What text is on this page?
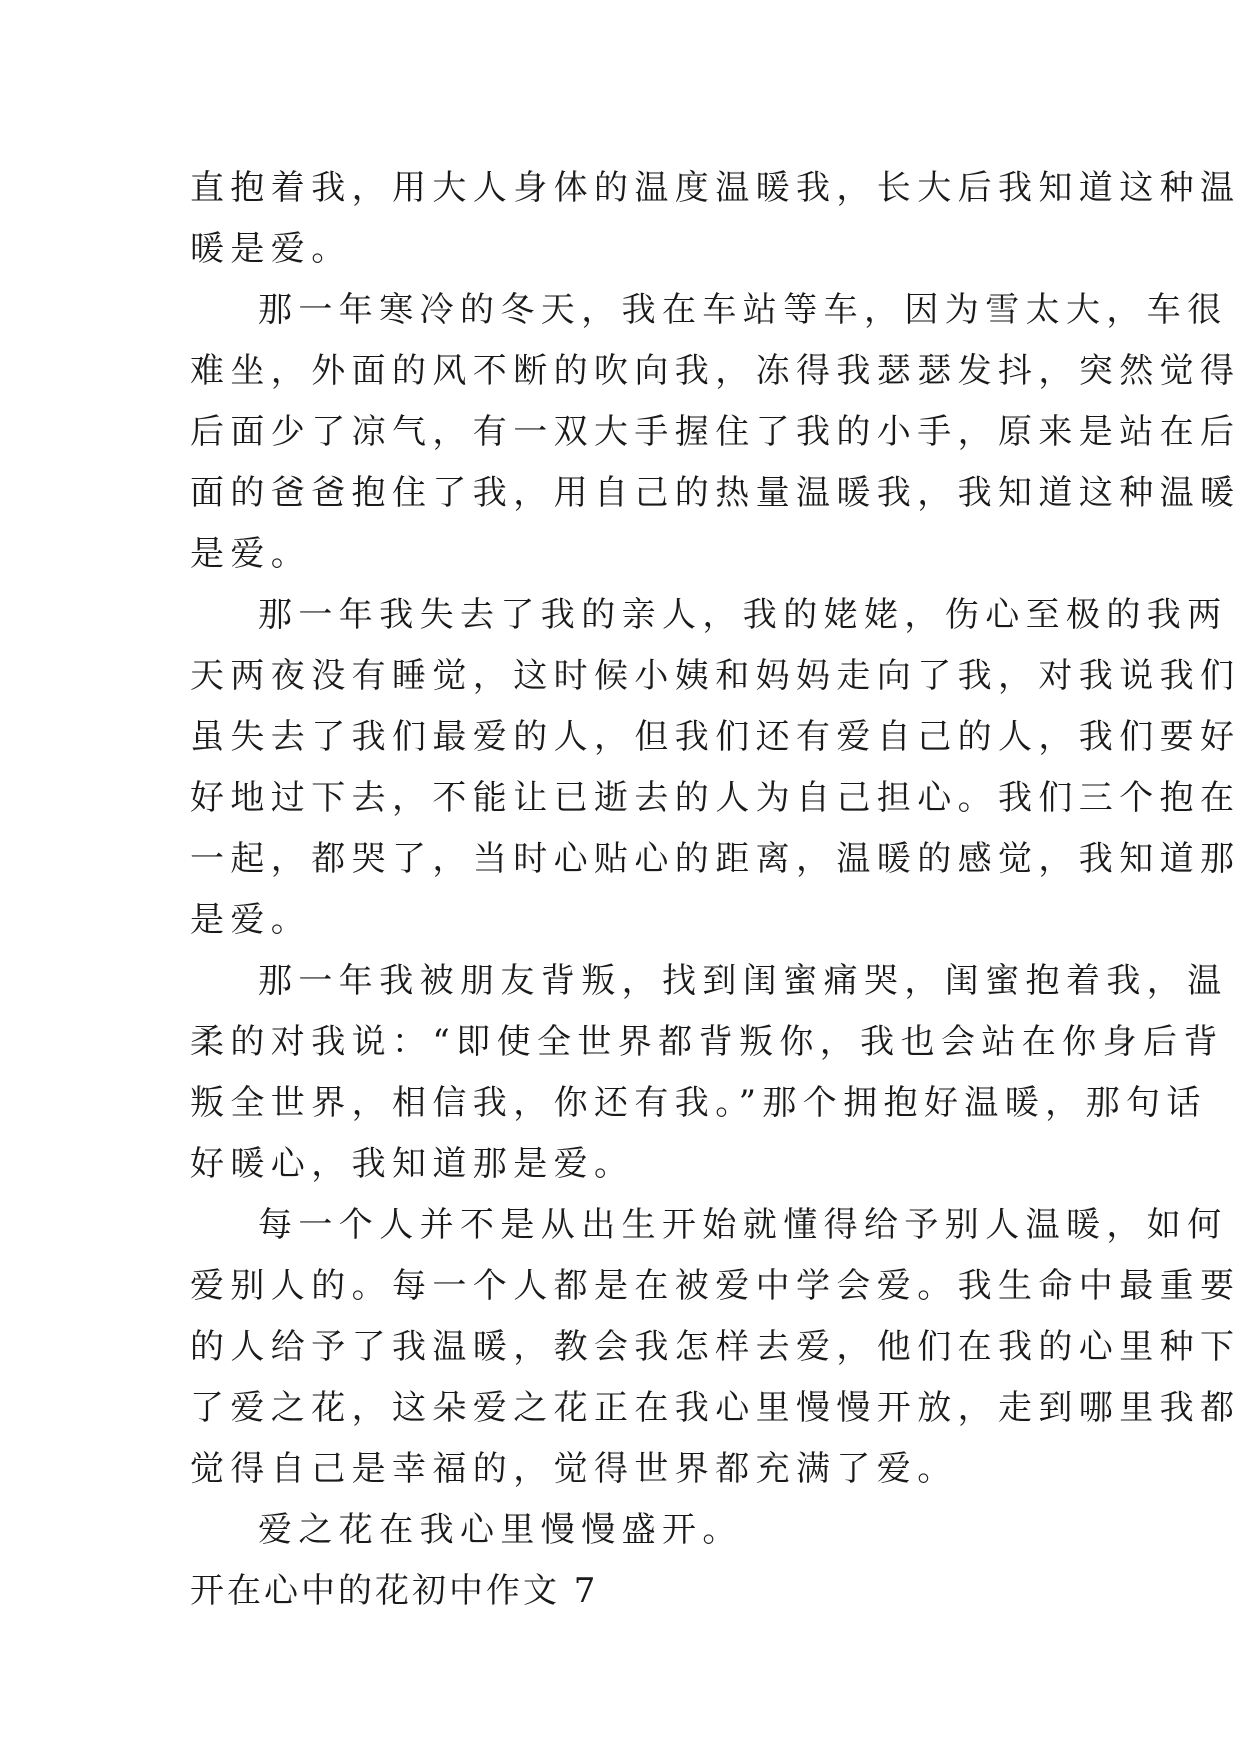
直抱着我，用大人身体的温度温暖我，长大后我知道这种温
暖是爱。
那一年寒冷的冬天，我在车站等车，因为雪太大，车很
难坐，外面的风不断的吹向我，冻得我瑟瑟发抖，突然觉得
后面少了凉气，有一双大手握住了我的小手，原来是站在后
面的爸爸抱住了我，用自己的热量温暖我，我知道这种温暖
是爱。
那一年我失去了我的亲人，我的姥姥，伤心至极的我两
天两夜没有睡觉，这时候小姨和妈妈走向了我，对我说我们
虽失去了我们最爱的人，但我们还有爱自己的人，我们要好
好地过下去，不能让已逝去的人为自己担心。我们三个抱在
一起，都哭了，当时心贴心的距离，温暖的感觉，我知道那
是爱。
那一年我被朋友背叛，找到闺蜜痛哭，闺蜜抱着我，温
柔的对我说：“即使全世界都背叛你，我也会站在你身后背
叛全世界，相信我，你还有我。”那个拥抱好温暖，那句话
好暖心，我知道那是爱。
每一个人并不是从出生开始就懂得给予别人温暖，如何
爱别人的。每一个人都是在被爱中学会爱。我生命中最重要
的人给予了我温暖，教会我怎样去爱，他们在我的心里种下
了爱之花，这朵爱之花正在我心里慢慢开放，走到哪里我都
觉得自己是幸福的，觉得世界都充满了爱。
爱之花在我心里慢慢盛开。
开在心中的花初中作文 7
